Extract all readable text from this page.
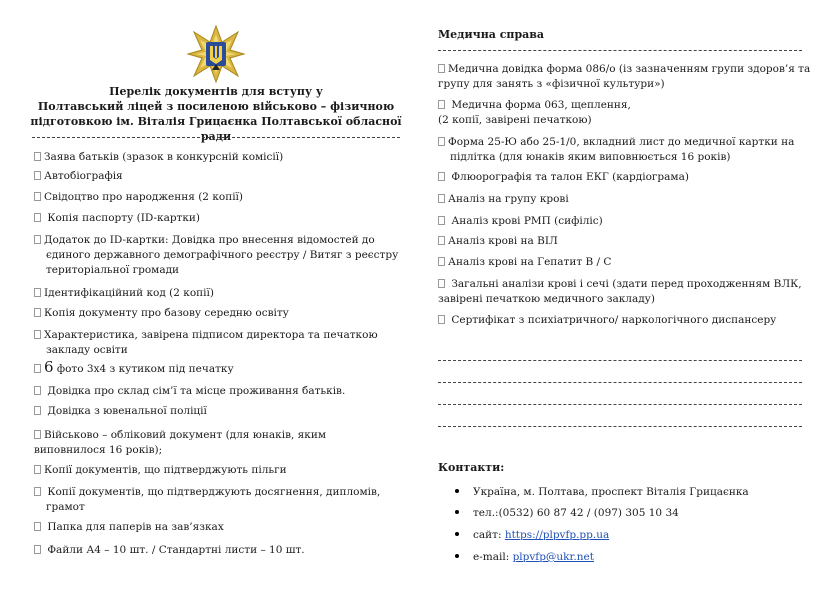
Перелік документів для вступу у
Полтавський ліцей з посиленою військово – фізичною
підготовкою ім. Віталія Грицаєнка Полтавської обласної ради
Заява батьків (зразок в конкурсній комісії)
Автобіографія
Свідоцтво про народження (2 копії)
Копія паспорту (ID-картки)
Додаток до ID-картки: Довідка про внесення відомостей до
єдиного державного демографічного реєстру / Витяг з реєстру
територіальної громади
Ідентифікаційний код (2 копії)
Копія документу про базову середню освіту
Характеристика, завірена підписом директора та печаткою
закладу освіти
6 фото 3х4 з кутиком під печатку
Довідка про склад сім’ї та місце проживання батьків.
Довідка з ювенальної поліції
Військово – обліковий документ (для юнаків, яким
виповнилося 16 років);
Копії документів, що підтверджують пільги
Копії документів, що підтверджують досягнення, дипломів,
грамот
Папка для паперів на зав’язках
Файли А4 – 10 шт. / Стандартні листи – 10 шт.
Медична справа
Медична довідка форма 086/о (із зазначенням групи здоров’я та
групу для занять з «фізичної культури»)
Медична форма 063, щеплення,
(2 копії, завірені печаткою)
Форма 25-Ю або 25-1/0, вкладний лист до медичної картки на
підлітка (для юнаків яким виповнюється 16 років)
Флюорографія та талон ЕКГ (кардіограма)
Аналіз на групу крові
Аналіз крові РМП (сифіліс)
Аналіз крові на ВІЛ
Аналіз крові на Гепатит В / С
Загальні аналізи крові і сечі (здати перед проходженням ВЛК,
завірені печаткою медичного закладу)
Сертифікат з психіатричного/ наркологічного диспансеру
Контакти:
Україна, м. Полтава, проспект Віталія Грицаєнка
тел.:(0532) 60 87 42 / (097) 305 10 34
сайт: https://plpvfp.pp.ua
e-mail: plpvfp@ukr.net
